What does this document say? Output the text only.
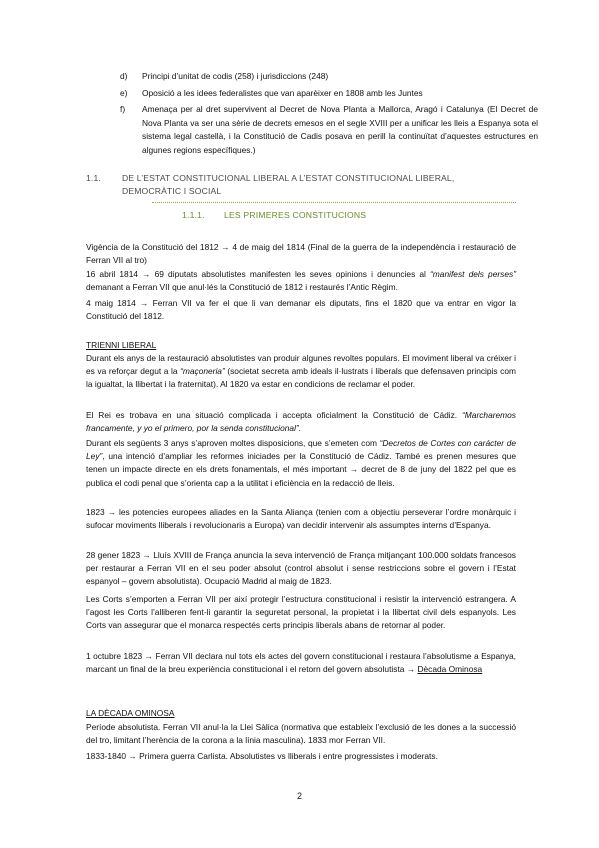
d) Principi d’unitat de codis (258) i jurisdiccions (248)
e) Oposició a les idees federalistes que van aparèixer en 1808 amb les Juntes
f) Amenaça per al dret supervivent al Decret de Nova Planta a Mallorca, Aragó i Catalunya (El Decret de Nova Planta va ser una sèrie de decrets emesos en el segle XVIII per a unificar les lleis a Espanya sota el sistema legal castellà, i la Constitució de Cadis posava en perill la continuïtat d’aquestes estructures en algunes regions específiques.)
1.1.	DE L’ESTAT CONSTITUCIONAL LIBERAL A L’ESTAT CONSTITUCIONAL LIBERAL, DEMOCRÀTIC I SOCIAL
1.1.1. LES PRIMERES CONSTITUCIONS

Vigència de la Constitució del 1812 → 4 de maig del 1814 (Final de la guerra de la independència i restauració de Ferran VII al tro)

16 abril 1814 → 69 diputats absolutistes manifesten les seves opinions i denuncies al “manifest dels perses” demanant a Ferran VII que anul·lés la Constitució de 1812 i restaurés l’Antic Règim.

4 maig 1814 → Ferran VII va fer el que li van demanar els diputats, fins el 1820 que va entrar en vigor la Constitució del 1812.

TRIENNI LIBERAL

Durant els anys de la restauració absolutistes van produir algunes revoltes populars. El moviment liberal va créixer i es va reforçar degut a la “maçoneria” (societat secreta amb ideals il·lustrats i liberals que defensaven principis com la igualtat, la llibertat i la fraternitat). Al 1820 va estar en condicions de reclamar el poder.

El Rei es trobava en una situació complicada i accepta oficialment la Constitució de Cádiz. “Marcharemos francamente, y yo el primero, por la senda constitucional”.

Durant els següents 3 anys s’aproven moltes disposicions, que s’emeten com “Decretos de Cortes con carácter de Ley”, una intenció d’ampliar les reformes iniciades per la Constitució de Cádiz. També es prenen mesures que tenen un impacte directe en els drets fonamentals, el més important → decret de 8 de juny del 1822 pel que es publica el codi penal que s’orienta cap a la utilitat i eficiència en la redacció de lleis.

1823 → les potencies europees aliades en la Santa Aliança (tenien com a objectiu perseverar l’ordre monàrquic i sufocar moviments lliberals i revolucionaris a Europa) van decidir intervenir als assumptes interns d’Espanya.

28 gener 1823 → Lluís XVIII de França anuncia la seva intervenció de França mitjançant 100.000 soldats francesos per restaurar a Ferran VII en el seu poder absolut (control absolut i sense restriccions sobre el govern i l’Estat espanyol – govern absolutista). Ocupació Madrid al maig de 1823.

Les Corts s’emporten a Ferran VII per així protegir l’estructura constitucional i resistir la intervenció estrangera. A l’agost les Corts l’alliberen fent-li garantir la seguretat personal, la propietat i la llibertat civil dels espanyols. Les Corts van assegurar que el monarca respectés certs principis liberals abans de retornar al poder.

1 octubre 1823 → Ferran VII declara nul tots els actes del govern constitucional i restaura l’absolutisme a Espanya, marcant un final de la breu experiència constitucional i el retorn del govern absolutista → Dècada Ominosa

LA DÈCADA OMINOSA

Període absolutista. Ferran VII anul·la la Llei Sàlica (normativa que estableix l’exclusió de les dones a la successió del tro, limitant l’herència de la corona a la línia masculina). 1833 mor Ferran VII.

1833-1840 → Primera guerra Carlista. Absolutistes vs lliberals i entre progressistes i moderats.

2
